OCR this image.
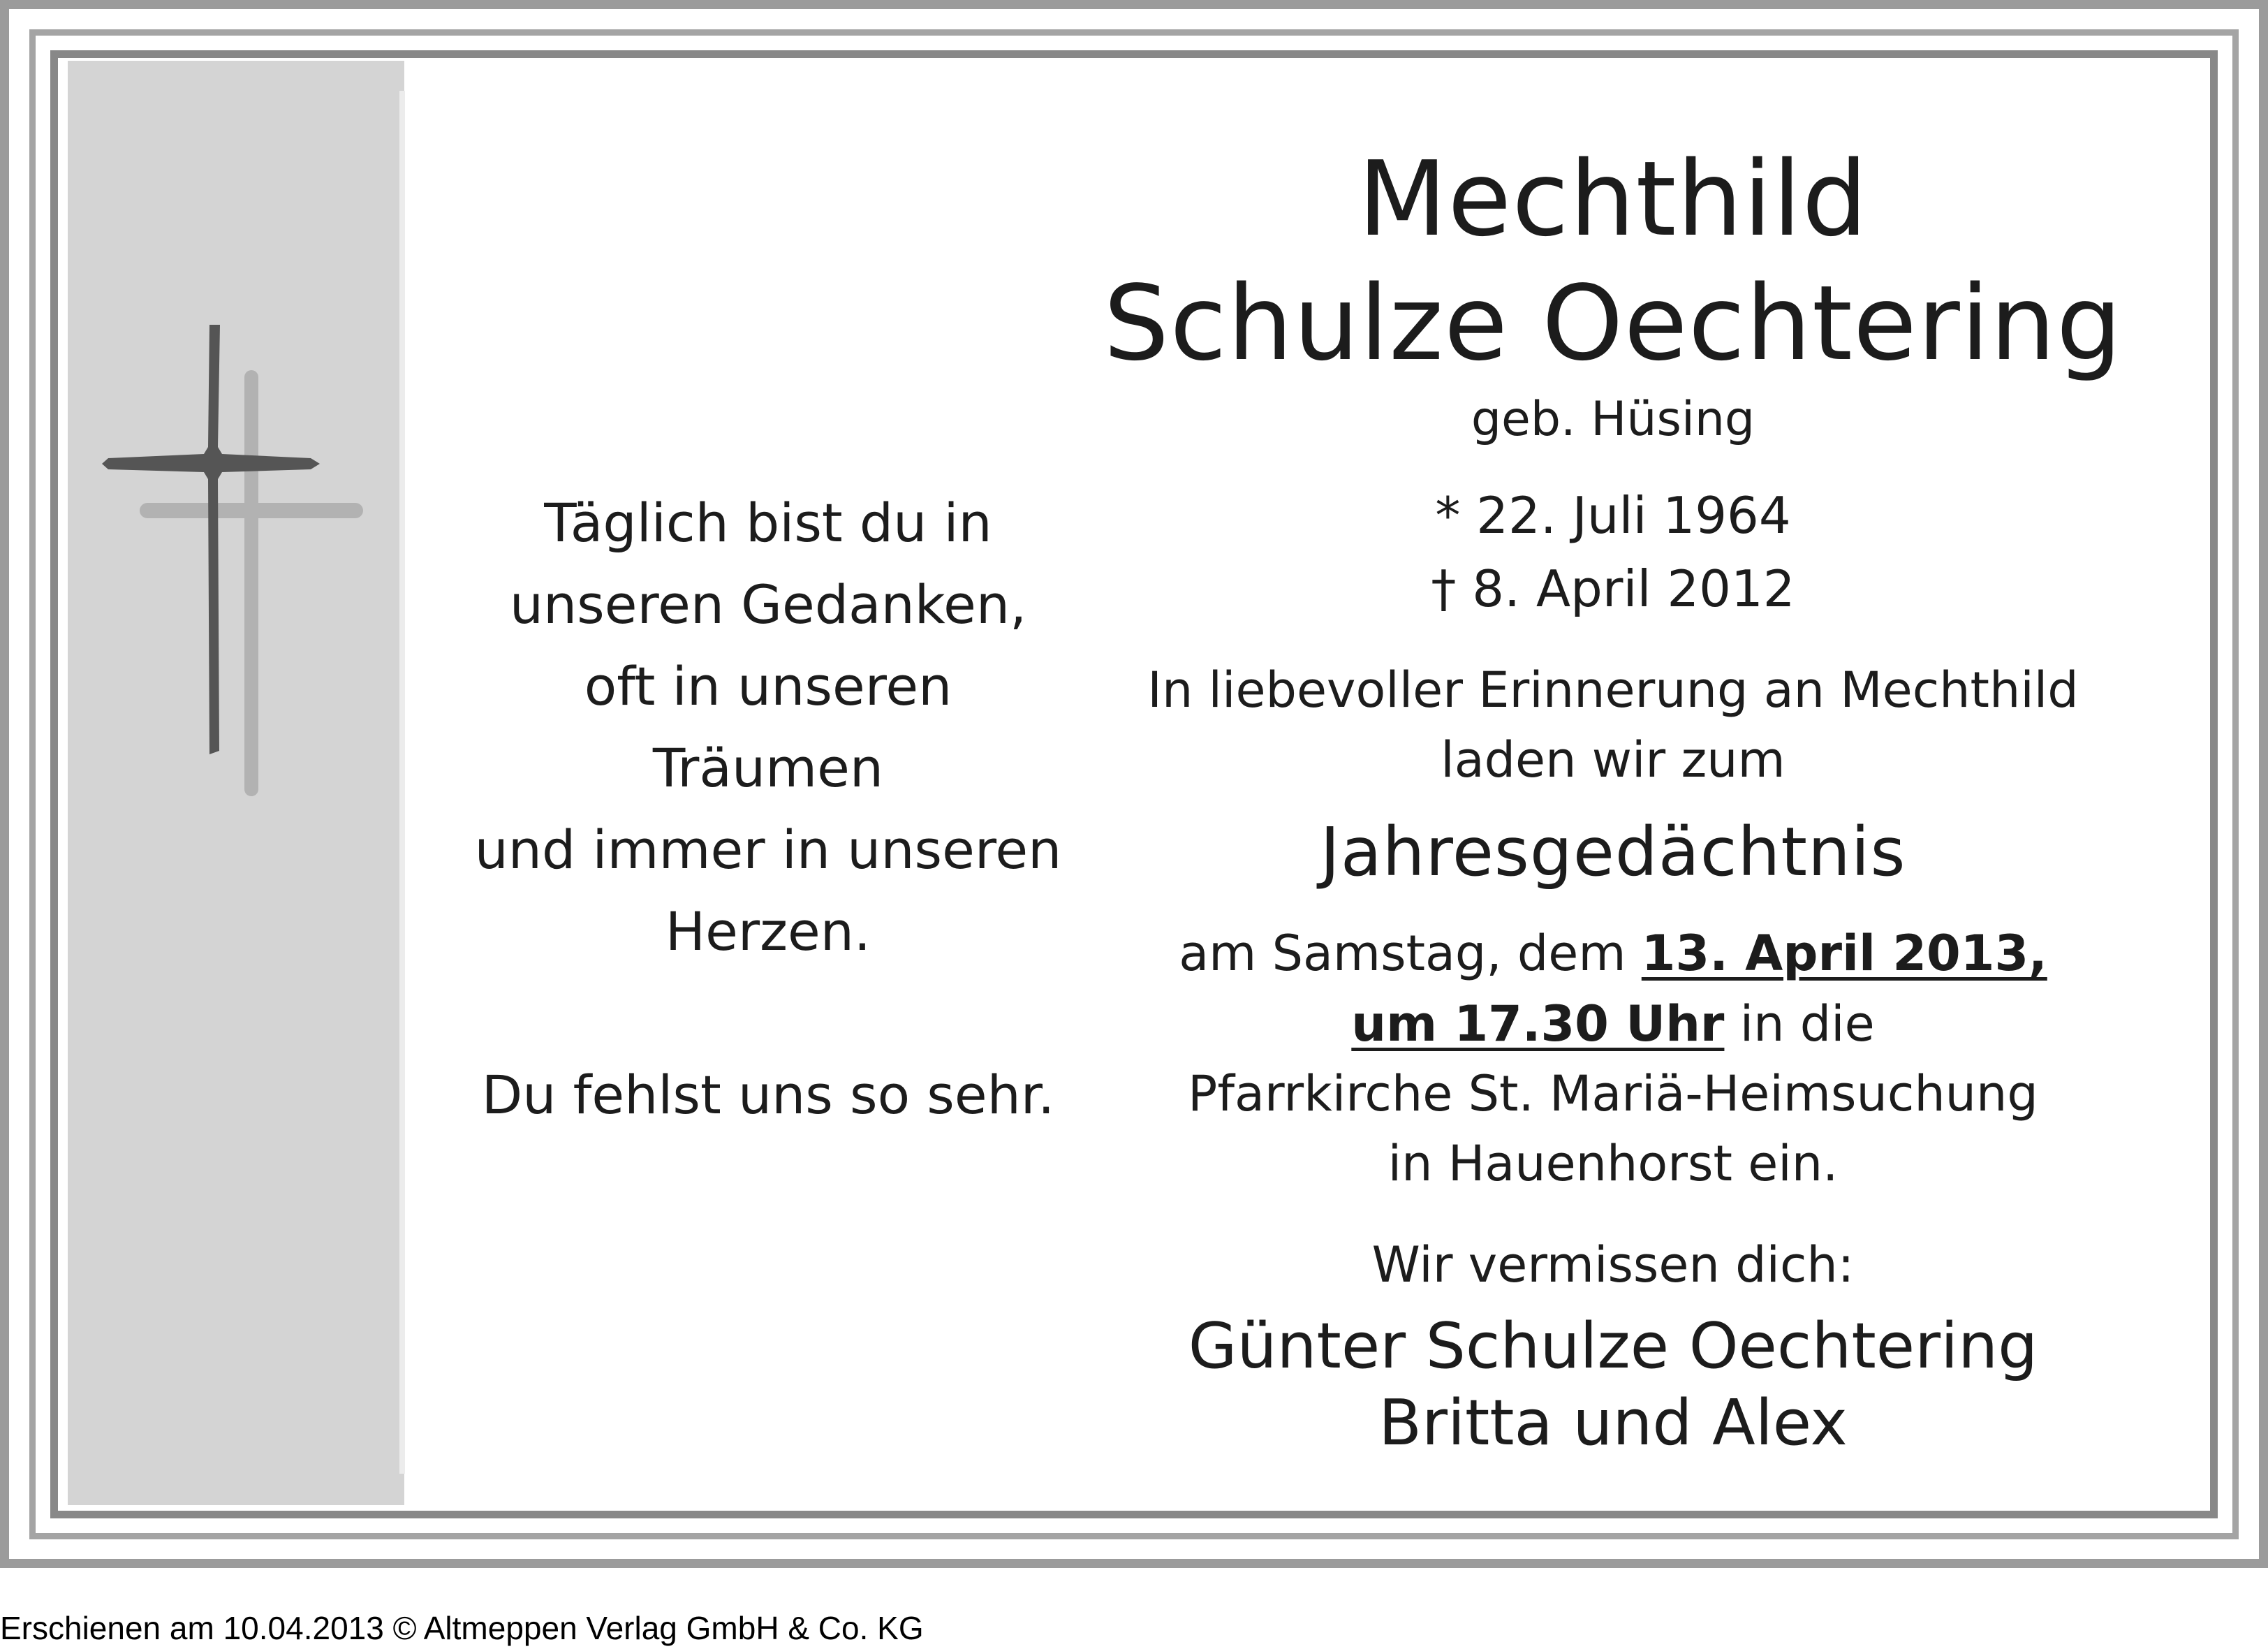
Täglich bist du in
unseren Gedanken,
oft in unseren
Träumen
und immer in unseren
Herzen.
Du fehlst uns so sehr.
Mechthild
Schulze Oechtering
geb. Hüsing
* 22. Juli 1964
† 8. April 2012
In liebevoller Erinnerung an Mechthild
laden wir zum
Jahresgedächtnis
am Samstag, dem 13. April 2013,
um 17.30 Uhr in die
Pfarrkirche St. Mariä-Heimsuchung
in Hauenhorst ein.
Wir vermissen dich:
Günter Schulze Oechtering
Britta und Alex
Erschienen am 10.04.2013 © Altmeppen Verlag GmbH & Co. KG
